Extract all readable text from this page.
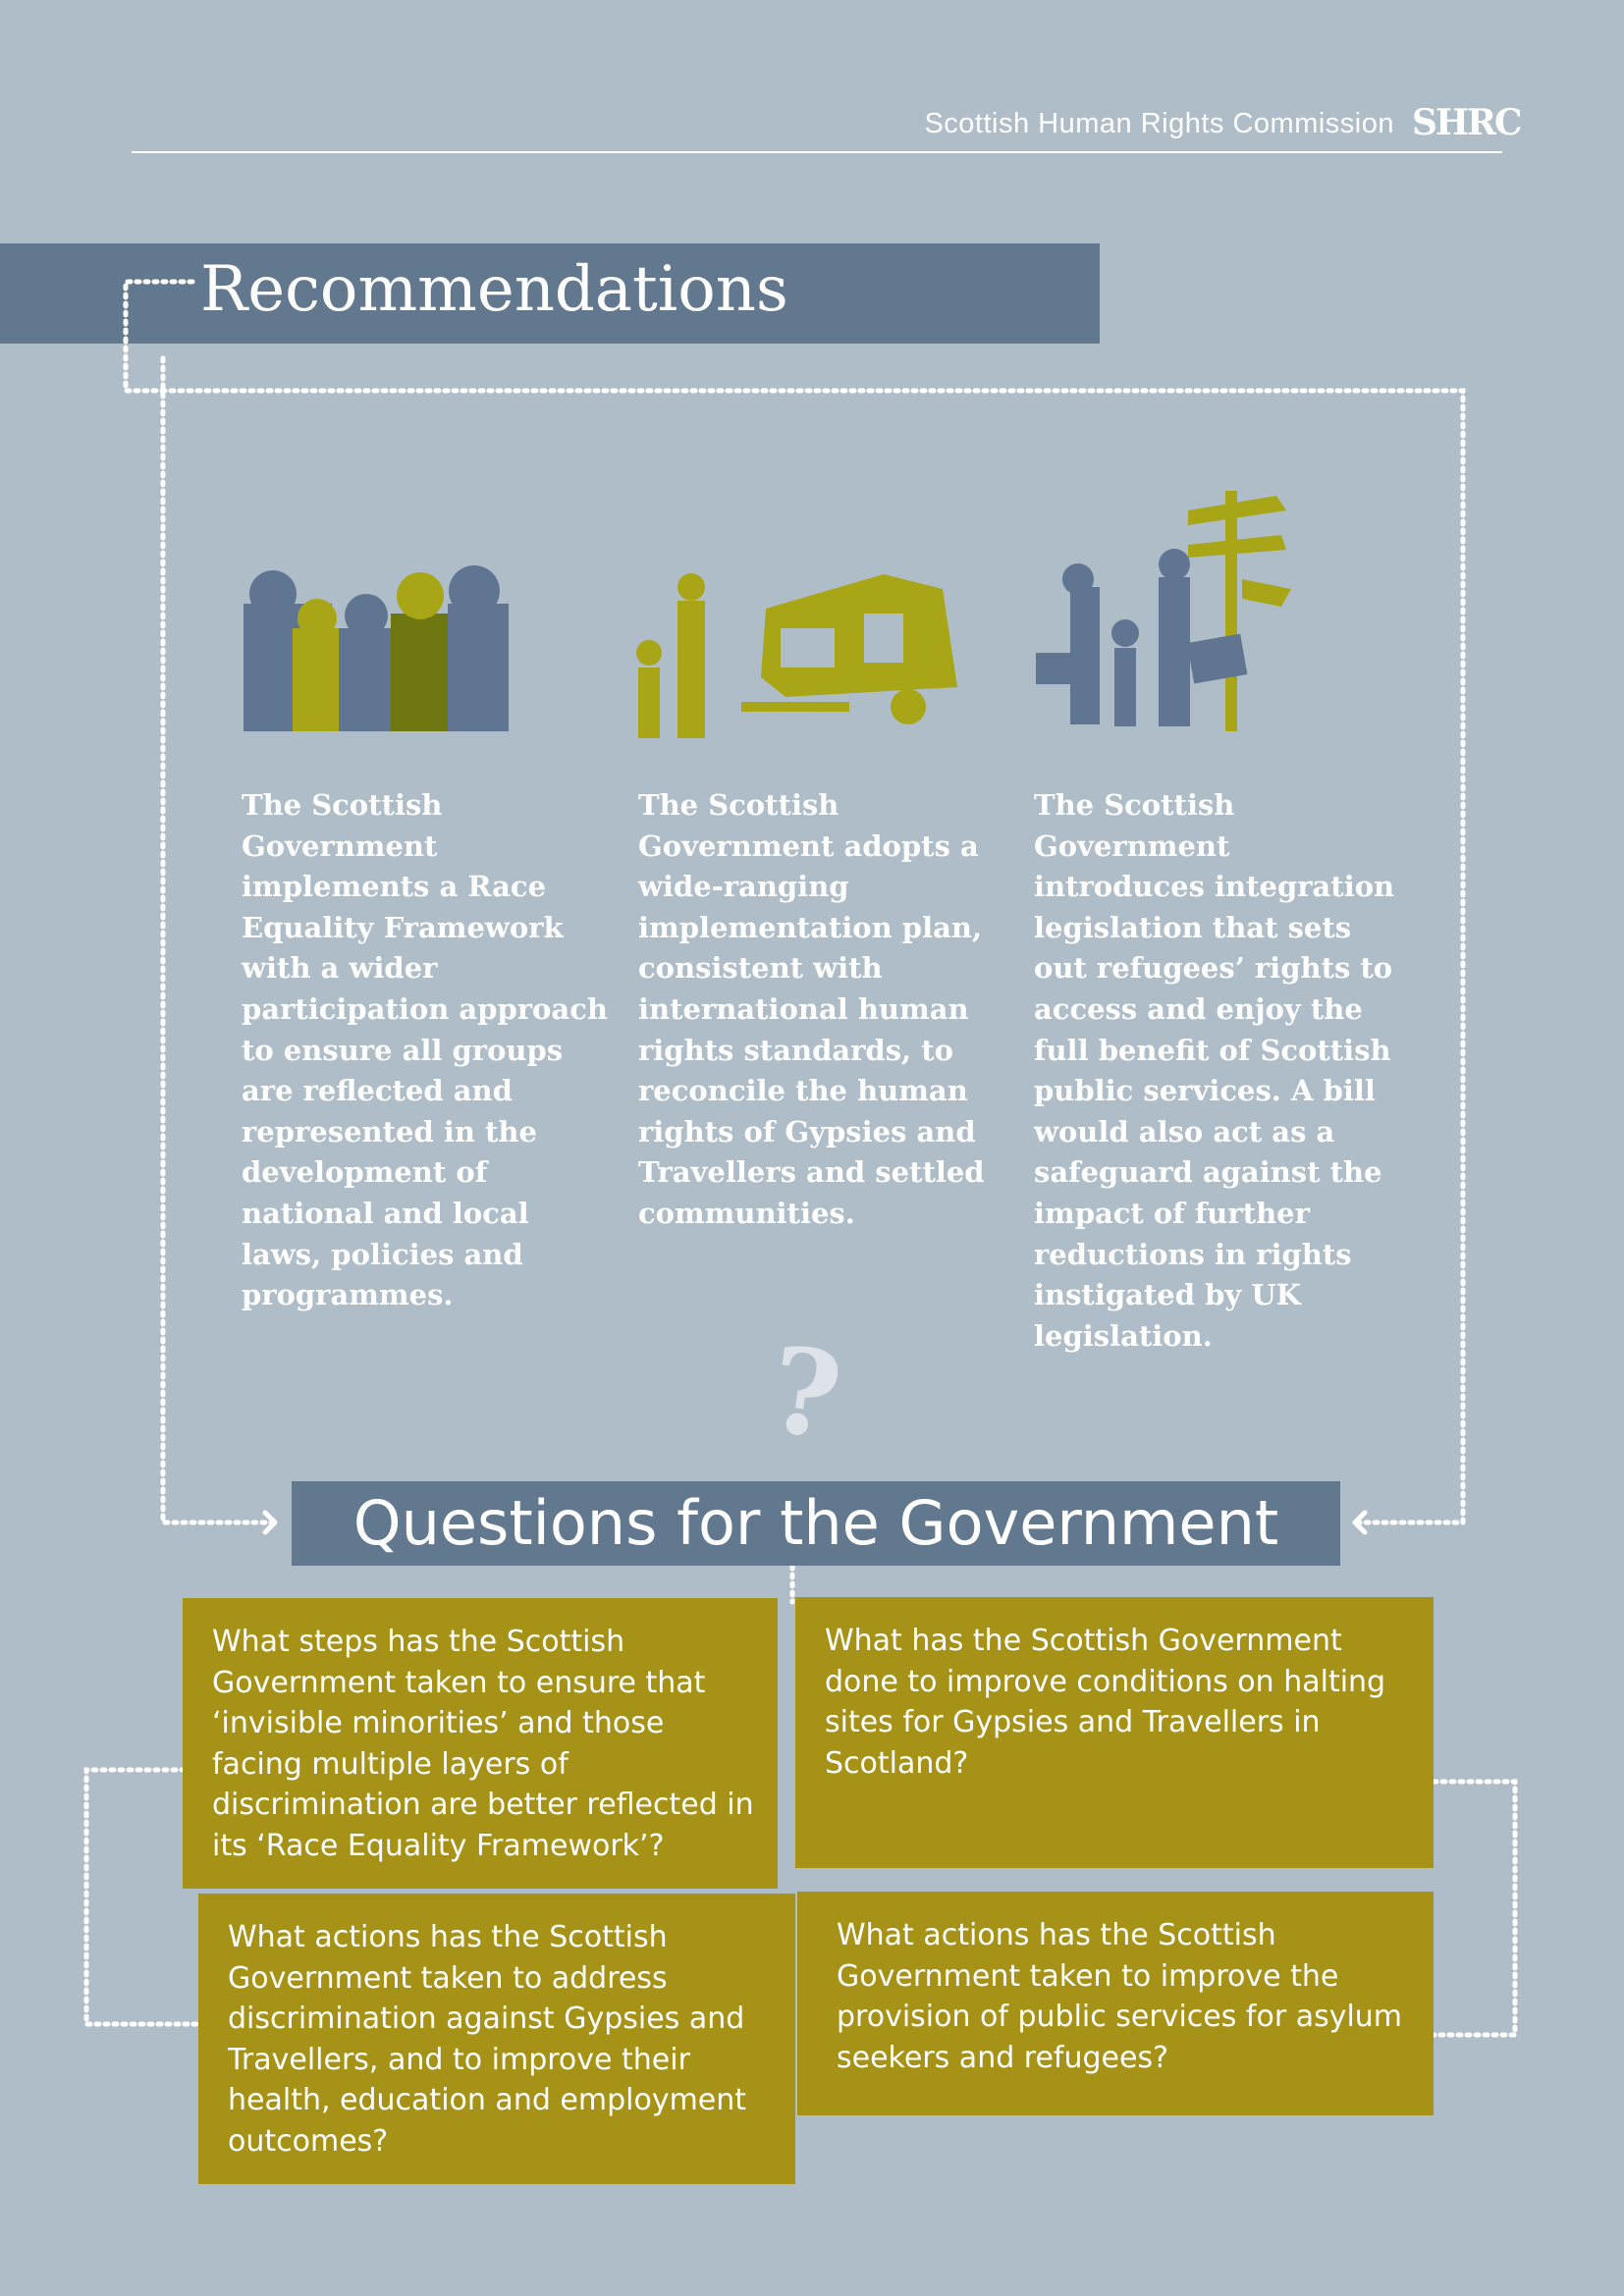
Scottish Human Rights Commission SHRC
Recommendations
The Scottish Government implements a Race Equality Framework with a wider participation approach to ensure all groups are reflected and represented in the development of national and local laws, policies and programmes.
The Scottish Government adopts a wide-ranging implementation plan, consistent with international human rights standards, to reconcile the human rights of Gypsies and Travellers and settled communities.
The Scottish Government introduces integration legislation that sets out refugees’ rights to access and enjoy the full benefit of Scottish public services. A bill would also act as a safeguard against the impact of further reductions in rights instigated by UK legislation.
?
Questions for the Government
What steps has the Scottish Government taken to ensure that ‘invisible minorities’ and those facing multiple layers of discrimination are better reflected in its ‘Race Equality Framework’?
What has the Scottish Government done to improve conditions on halting sites for Gypsies and Travellers in Scotland?
What actions has the Scottish Government taken to address discrimination against Gypsies and Travellers, and to improve their health, education and employment outcomes?
What actions has the Scottish Government taken to improve the provision of public services for asylum seekers and refugees?
